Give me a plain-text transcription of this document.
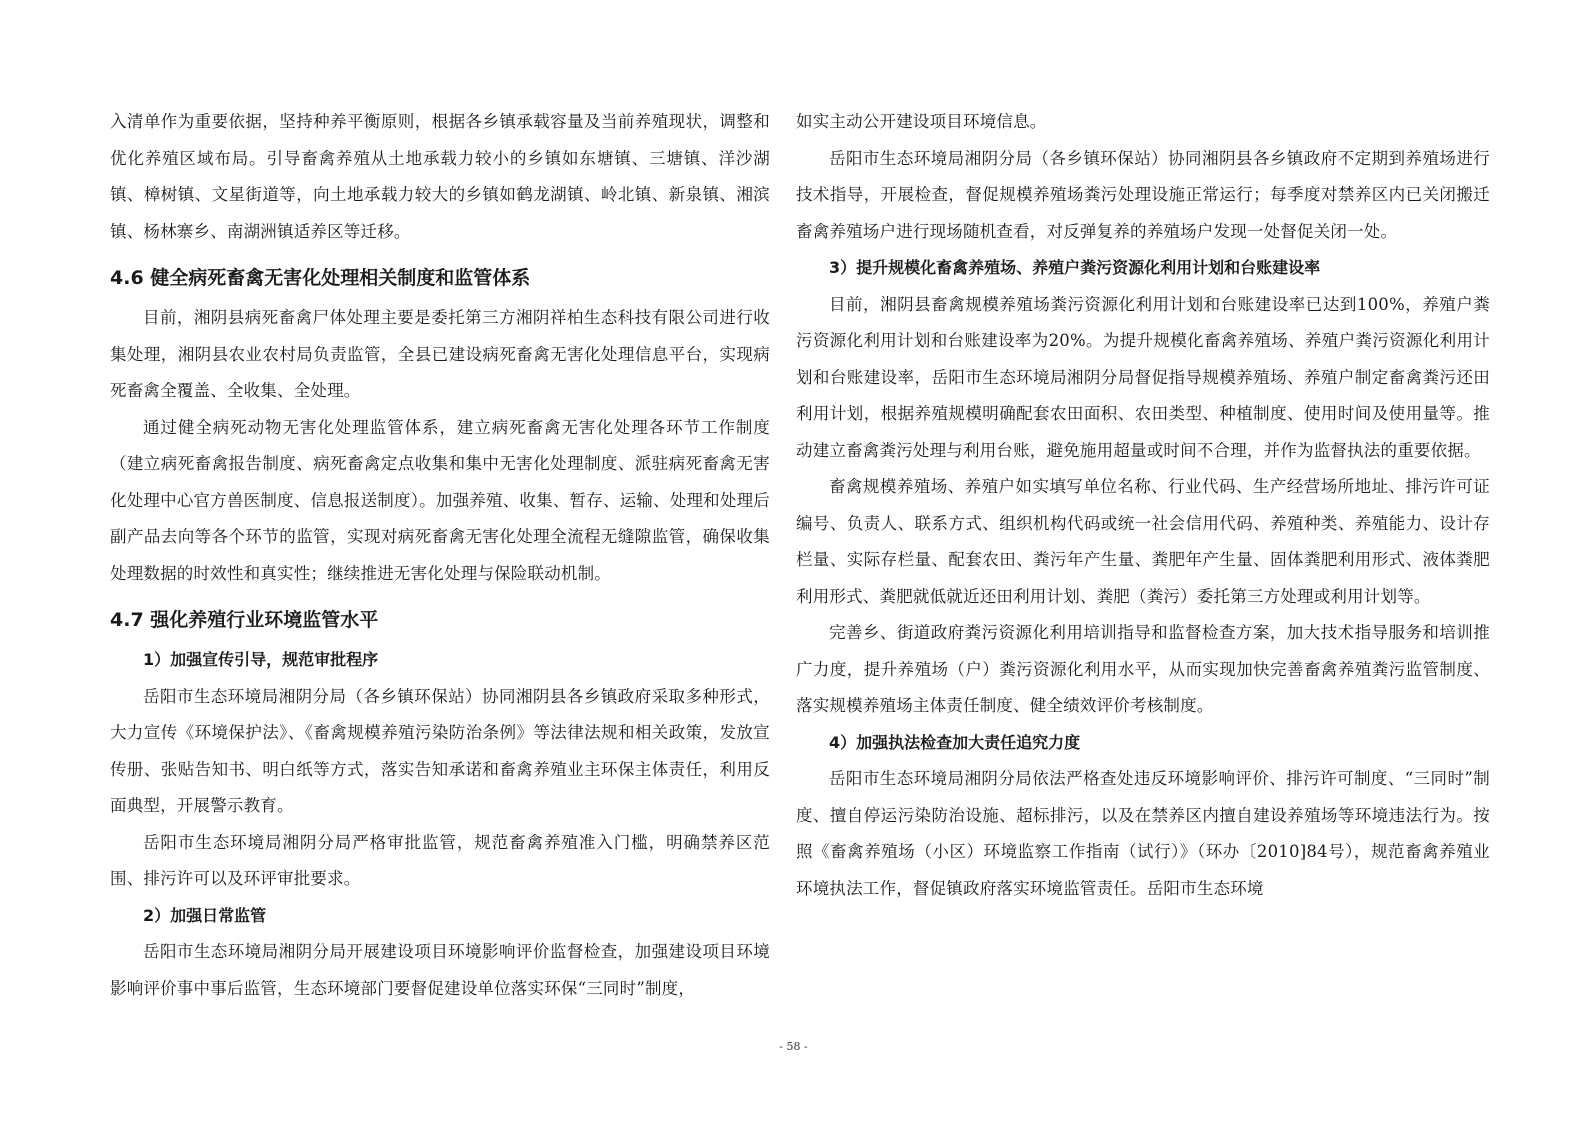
入清单作为重要依据，坚持种养平衡原则，根据各乡镇承载容量及当前养殖现状，调整和优化养殖区域布局。引导畜禽养殖从土地承载力较小的乡镇如东塘镇、三塘镇、洋沙湖镇、樟树镇、文星街道等，向土地承载力较大的乡镇如鹤龙湖镇、岭北镇、新泉镇、湘滨镇、杨林寨乡、南湖洲镇适养区等迁移。

4.6 健全病死畜禽无害化处理相关制度和监管体系

目前，湘阴县病死畜禽尸体处理主要是委托第三方湘阴祥柏生态科技有限公司进行收集处理，湘阴县农业农村局负责监管，全县已建设病死畜禽无害化处理信息平台，实现病死畜禽全覆盖、全收集、全处理。

通过健全病死动物无害化处理监管体系，建立病死畜禽无害化处理各环节工作制度（建立病死畜禽报告制度、病死畜禽定点收集和集中无害化处理制度、派驻病死畜禽无害化处理中心官方兽医制度、信息报送制度）。加强养殖、收集、暂存、运输、处理和处理后副产品去向等各个环节的监管，实现对病死畜禽无害化处理全流程无缝隙监管，确保收集处理数据的时效性和真实性；继续推进无害化处理与保险联动机制。

4.7 强化养殖行业环境监管水平
1）加强宣传引导，规范审批程序

岳阳市生态环境局湘阴分局（各乡镇环保站）协同湘阴县各乡镇政府采取多种形式，大力宣传《环境保护法》、《畜禽规模养殖污染防治条例》等法律法规和相关政策，发放宣传册、张贴告知书、明白纸等方式，落实告知承诺和畜禽养殖业主环保主体责任，利用反面典型，开展警示教育。

岳阳市生态环境局湘阴分局严格审批监管，规范畜禽养殖准入门槛，明确禁养区范围、排污许可以及环评审批要求。

2）加强日常监管

岳阳市生态环境局湘阴分局开展建设项目环境影响评价监督检查，加强建设项目环境影响评价事中事后监管，生态环境部门要督促建设单位落实环保“三同时”制度，

如实主动公开建设项目环境信息。

岳阳市生态环境局湘阴分局（各乡镇环保站）协同湘阴县各乡镇政府不定期到养殖场进行技术指导，开展检查，督促规模养殖场粪污处理设施正常运行；每季度对禁养区内已关闭搬迁畜禽养殖场户进行现场随机查看，对反弹复养的养殖场户发现一处督促关闭一处。

3）提升规模化畜禽养殖场、养殖户粪污资源化利用计划和台账建设率

目前，湘阴县畜禽规模养殖场粪污资源化利用计划和台账建设率已达到100%，养殖户粪污资源化利用计划和台账建设率为20%。为提升规模化畜禽养殖场、养殖户粪污资源化利用计划和台账建设率，岳阳市生态环境局湘阴分局督促指导规模养殖场、养殖户制定畜禽粪污还田利用计划，根据养殖规模明确配套农田面积、农田类型、种植制度、使用时间及使用量等。推动建立畜禽粪污处理与利用台账，避免施用超量或时间不合理，并作为监督执法的重要依据。

畜禽规模养殖场、养殖户如实填写单位名称、行业代码、生产经营场所地址、排污许可证编号、负责人、联系方式、组织机构代码或统一社会信用代码、养殖种类、养殖能力、设计存栏量、实际存栏量、配套农田、粪污年产生量、粪肥年产生量、固体粪肥利用形式、液体粪肥利用形式、粪肥就低就近还田利用计划、粪肥（粪污）委托第三方处理或利用计划等。

完善乡、街道政府粪污资源化利用培训指导和监督检查方案，加大技术指导服务和培训推广力度，提升养殖场（户）粪污资源化利用水平，从而实现加快完善畜禽养殖粪污监管制度、落实规模养殖场主体责任制度、健全绩效评价考核制度。

4）加强执法检查加大责任追究力度

岳阳市生态环境局湘阴分局依法严格查处违反环境影响评价、排污许可制度、“三同时”制度、擅自停运污染防治设施、超标排污，以及在禁养区内擅自建设养殖场等环境违法行为。按照《畜禽养殖场（小区）环境监察工作指南（试行）》（环办〔2010]84号），规范畜禽养殖业环境执法工作，督促镇政府落实环境监管责任。岳阳市生态环境

- 58 -
